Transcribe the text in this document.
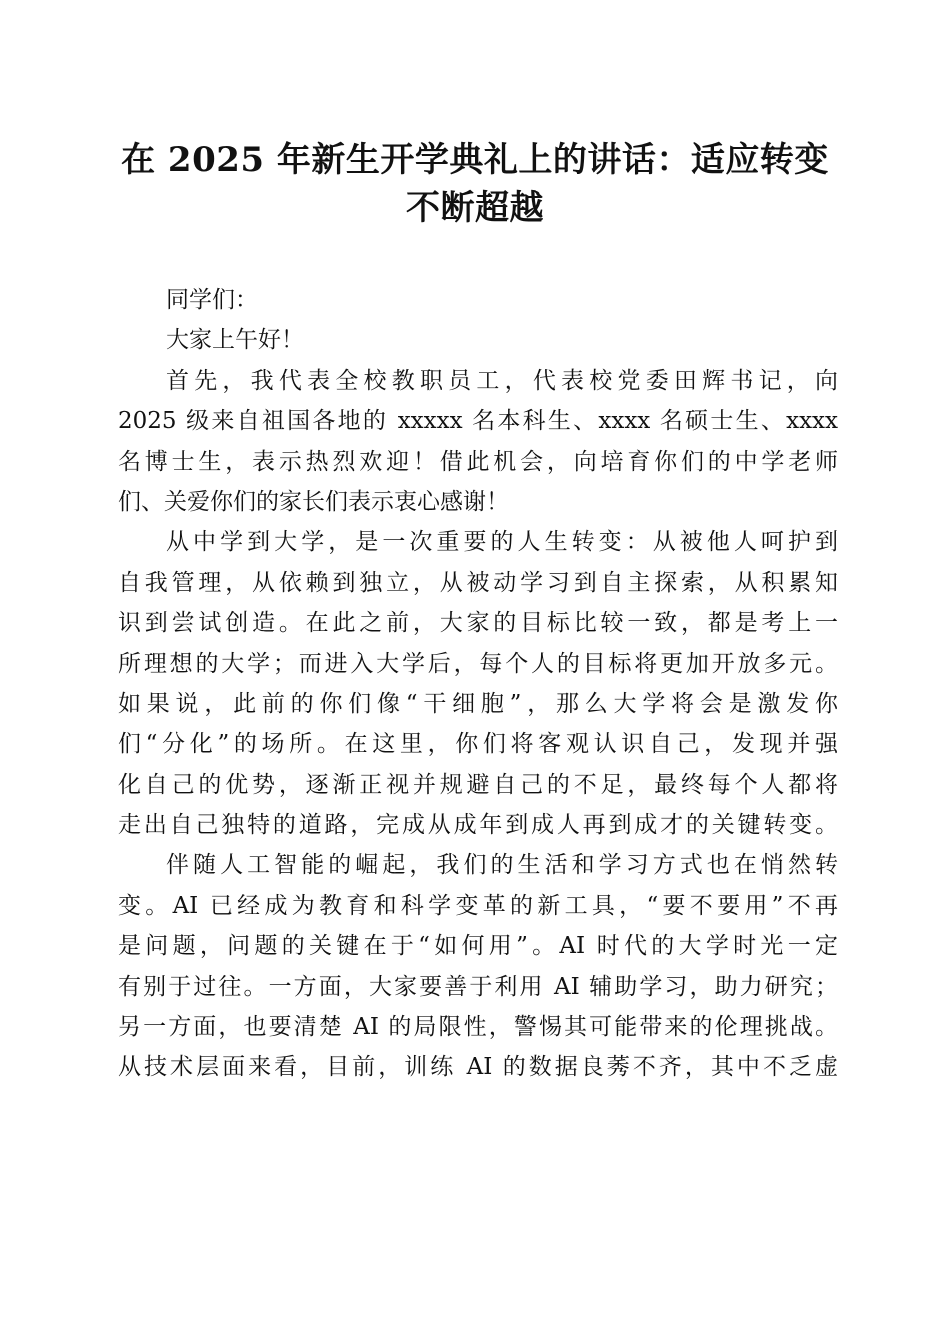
在 2025 年新生开学典礼上的讲话：适应转变
不断超越
同学们：
大家上午好！
首先，我代表全校教职员工，代表校党委田辉书记，向
2025 级来自祖国各地的 xxxxx 名本科生、xxxx 名硕士生、xxxx
名博士生，表示热烈欢迎！借此机会，向培育你们的中学老师
们、关爱你们的家长们表示衷心感谢！
从中学到大学，是一次重要的人生转变：从被他人呵护到
自我管理，从依赖到独立，从被动学习到自主探索，从积累知
识到尝试创造。在此之前，大家的目标比较一致，都是考上一
所理想的大学；而进入大学后，每个人的目标将更加开放多元。
如果说，此前的你们像“干细胞”，那么大学将会是激发你
们“分化”的场所。在这里，你们将客观认识自己，发现并强
化自己的优势，逐渐正视并规避自己的不足，最终每个人都将
走出自己独特的道路，完成从成年到成人再到成才的关键转变。
伴随人工智能的崛起，我们的生活和学习方式也在悄然转
变。AI 已经成为教育和科学变革的新工具，“要不要用”不再
是问题，问题的关键在于“如何用”。AI 时代的大学时光一定
有别于过往。一方面，大家要善于利用 AI 辅助学习，助力研究；
另一方面，也要清楚 AI 的局限性，警惕其可能带来的伦理挑战。
从技术层面来看，目前，训练 AI 的数据良莠不齐，其中不乏虚
